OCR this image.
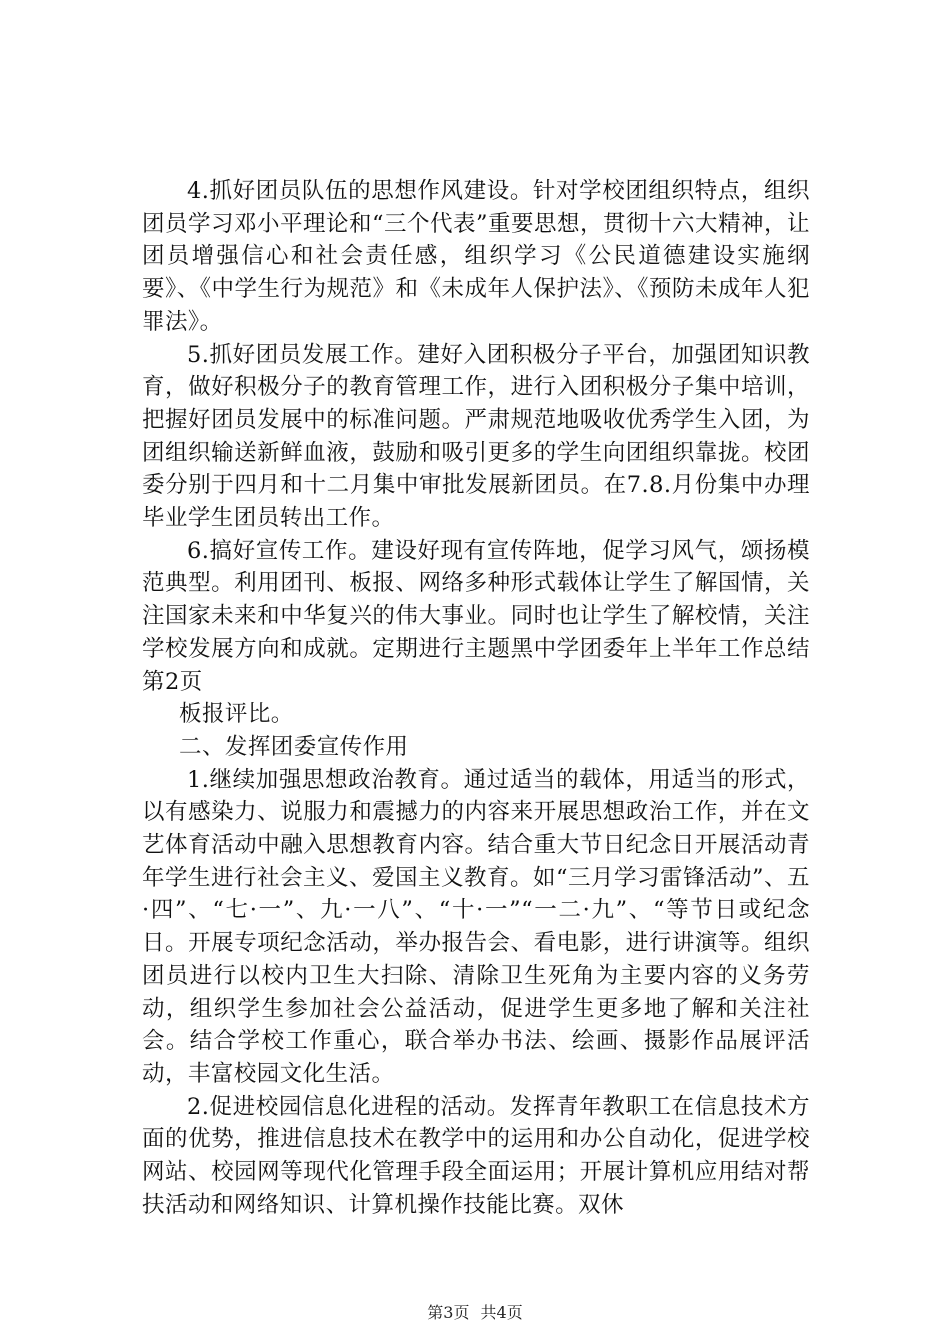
4.抓好团员队伍的思想作风建设。针对学校团组织特点，组织团员学习邓小平理论和“三个代表”重要思想，贯彻十六大精神，让团员增强信心和社会责任感，组织学习《公民道德建设实施纲要》、《中学生行为规范》和《未成年人保护法》、《预防未成年人犯罪法》。

5.抓好团员发展工作。建好入团积极分子平台，加强团知识教育，做好积极分子的教育管理工作，进行入团积极分子集中培训，把握好团员发展中的标准问题。严肃规范地吸收优秀学生入团，为团组织输送新鲜血液，鼓励和吸引更多的学生向团组织靠拢。校团委分别于四月和十二月集中审批发展新团员。在7.8.月份集中办理毕业学生团员转出工作。

6.搞好宣传工作。建设好现有宣传阵地，促学习风气，颂扬模范典型。利用团刊、板报、网络多种形式载体让学生了解国情，关注国家未来和中华复兴的伟大事业。同时也让学生了解校情，关注学校发展方向和成就。定期进行主题黑中学团委年上半年工作总结第2页

板报评比。

二、发挥团委宣传作用

1.继续加强思想政治教育。通过适当的载体，用适当的形式，以有感染力、说服力和震撼力的内容来开展思想政治工作，并在文艺体育活动中融入思想教育内容。结合重大节日纪念日开展活动青年学生进行社会主义、爱国主义教育。如“三月学习雷锋活动”、五·四”、“七·一”、九·一八”、“十·一”“一二·九”、“等节日或纪念日。开展专项纪念活动，举办报告会、看电影，进行讲演等。组织团员进行以校内卫生大扫除、清除卫生死角为主要内容的义务劳动，组织学生参加社会公益活动，促进学生更多地了解和关注社会。结合学校工作重心，联合举办书法、绘画、摄影作品展评活动，丰富校园文化生活。

2.促进校园信息化进程的活动。发挥青年教职工在信息技术方面的优势，推进信息技术在教学中的运用和办公自动化，促进学校网站、校园网等现代化管理手段全面运用；开展计算机应用结对帮扶活动和网络知识、计算机操作技能比赛。双休

第3页 共4页
